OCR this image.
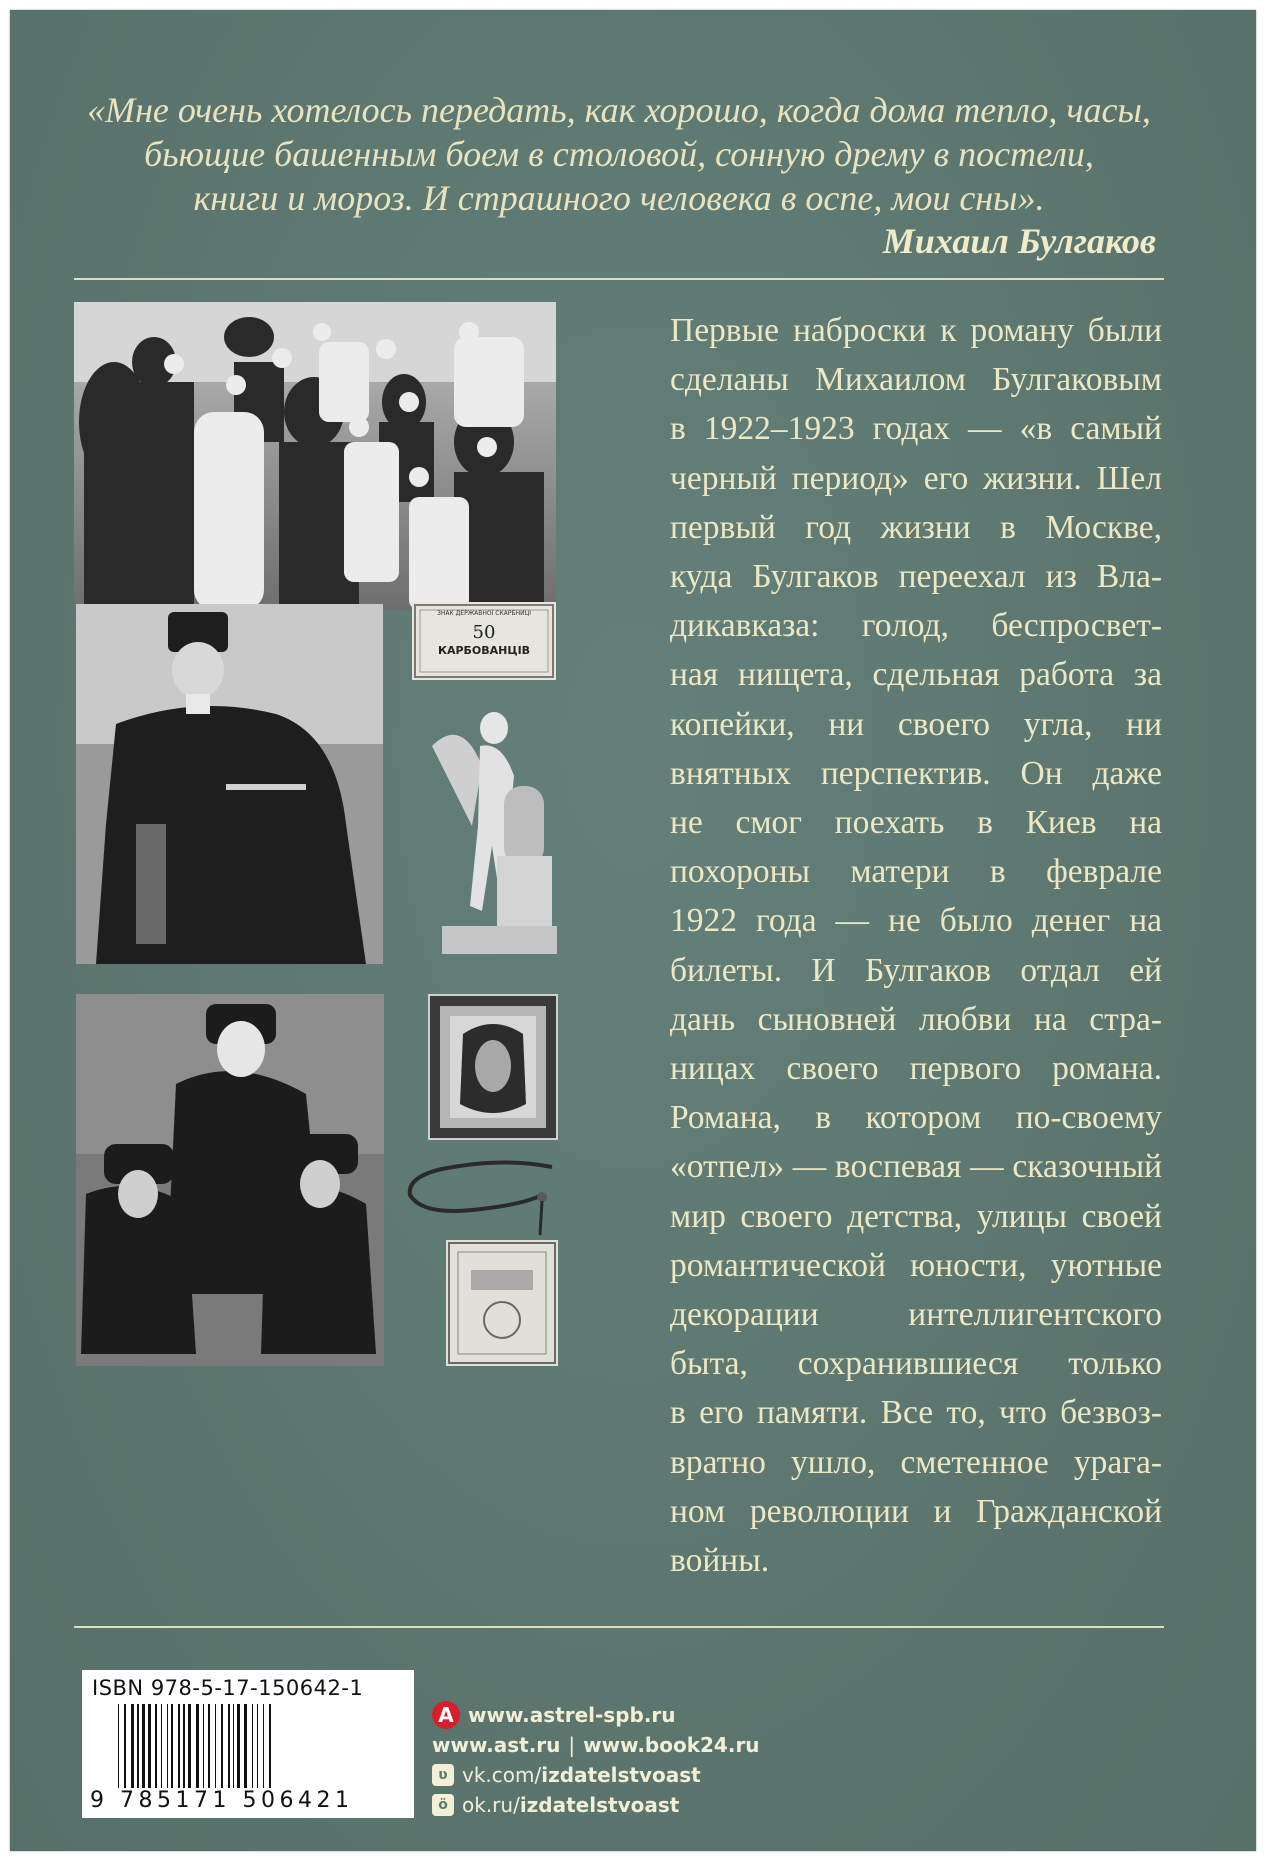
«Мне очень хотелось передать, как хорошо, когда дома тепло, часы,
бьющие башенным боем в столовой, сонную дрему в постели,
книги и мороз. И страшного человека в оспе, мои сны».
Михаил Булгаков
ЗНАК ДЕРЖАВНОЇ СКАРБНИЦІ
50
КАРБОВАНЦІВ
Первые наброски к роману были
сделаны Михаилом Булгаковым
в 1922–1923 годах — «в самый
черный период» его жизни. Шел
первый год жизни в Москве,
куда Булгаков переехал из Вла-
дикавказа: голод, беспросвет-
ная нищета, сдельная работа за
копейки, ни своего угла, ни
внятных перспектив. Он даже
не смог поехать в Киев на
похороны матери в феврале
1922 года — не было денег на
билеты. И Булгаков отдал ей
дань сыновней любви на стра-
ницах своего первого романа.
Романа, в котором по-своему
«отпел» — воспевая — сказочный
мир своего детства, улицы своей
романтической юности, уютные
декорации интеллигентского
быта, сохранившиеся только
в его памяти. Все то, что безвоз-
вратно ушло, сметенное урага-
ном революции и Гражданской
войны.
ISBN 978-5-17-150642-1
9 785171 506421
А www.astrel-spb.ru
www.ast.ru | www.book24.ru
ʋ vk.com/ izdatelstvoast
ö ok.ru/ izdatelstvoast
